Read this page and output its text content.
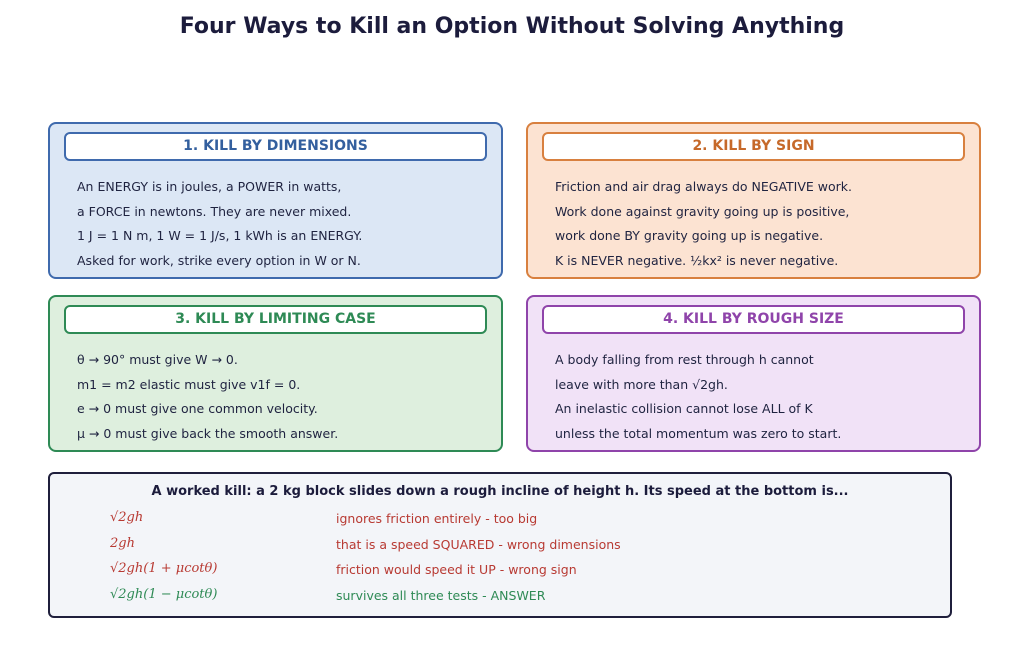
Four Ways to Kill an Option Without Solving Anything
1. KILL BY DIMENSIONS
An ENERGY is in joules, a POWER in watts,
a FORCE in newtons. They are never mixed.
1 J = 1 N m, 1 W = 1 J/s, 1 kWh is an ENERGY.
Asked for work, strike every option in W or N.
2. KILL BY SIGN
Friction and air drag always do NEGATIVE work.
Work done against gravity going up is positive,
work done BY gravity going up is negative.
K is NEVER negative. ½kx² is never negative.
3. KILL BY LIMITING CASE
θ → 90° must give W → 0.
m1 = m2 elastic must give v1f = 0.
e → 0 must give one common velocity.
μ → 0 must give back the smooth answer.
4. KILL BY ROUGH SIZE
A body falling from rest through h cannot
leave with more than √2gh.
An inelastic collision cannot lose ALL of K
unless the total momentum was zero to start.
A worked kill: a 2 kg block slides down a rough incline of height h. Its speed at the bottom is...
√2gh	ignores friction entirely - too big
2gh	that is a speed SQUARED - wrong dimensions
√2gh(1 + μcotθ)	friction would speed it UP - wrong sign
√2gh(1 − μcotθ)	survives all three tests - ANSWER
